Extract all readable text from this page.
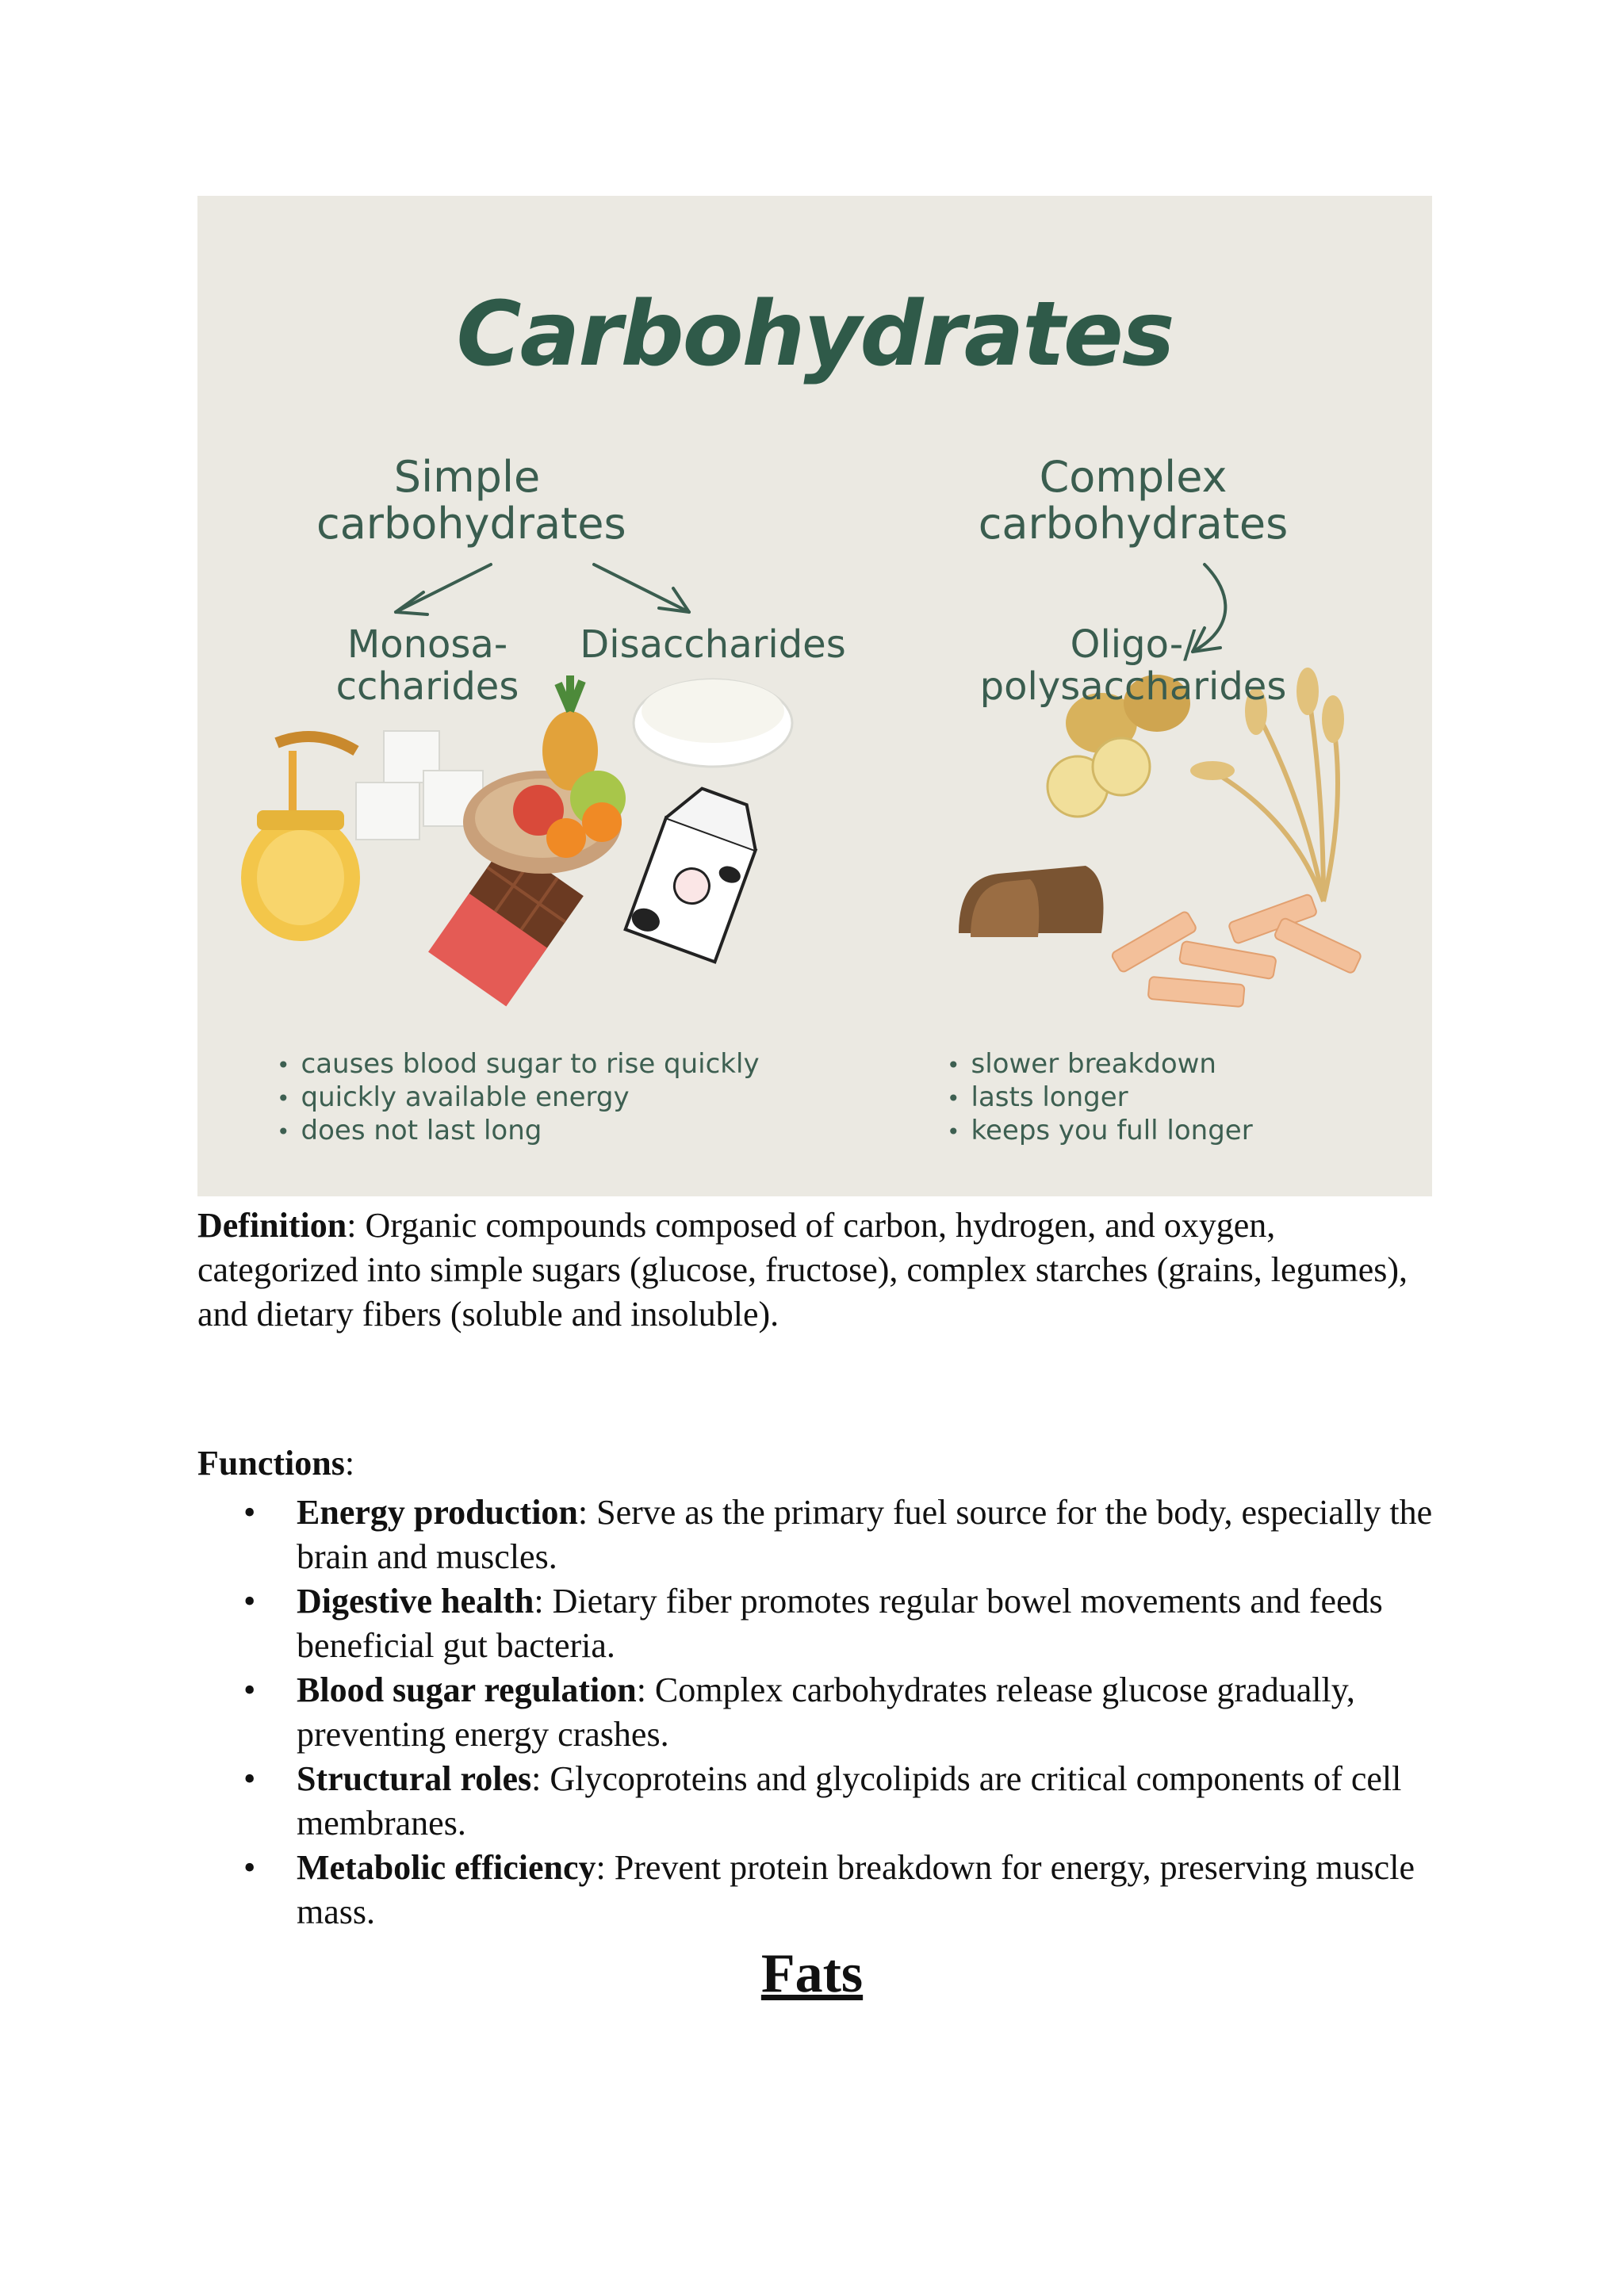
Carbohydrates
Simple
carbohydrates
Complex
carbohydrates
Monosa-
ccharides
Disaccharides	Oligo-/
polysaccharides
• causes blood sugar to rise quickly
• quickly available energy
• does not last long
• slower breakdown
• lasts longer
• keeps you full longer
Definition: Organic compounds composed of carbon, hydrogen, and oxygen, categorized into simple sugars (glucose, fructose), complex starches (grains, legumes), and dietary fibers (soluble and insoluble).
Functions:
• Energy production: Serve as the primary fuel source for the body, especially the brain and muscles.
• Digestive health: Dietary fiber promotes regular bowel movements and feeds beneficial gut bacteria.
• Blood sugar regulation: Complex carbohydrates release glucose gradually, preventing energy crashes.
• Structural roles: Glycoproteins and glycolipids are critical components of cell membranes.
• Metabolic efficiency: Prevent protein breakdown for energy, preserving muscle mass.
Fats
